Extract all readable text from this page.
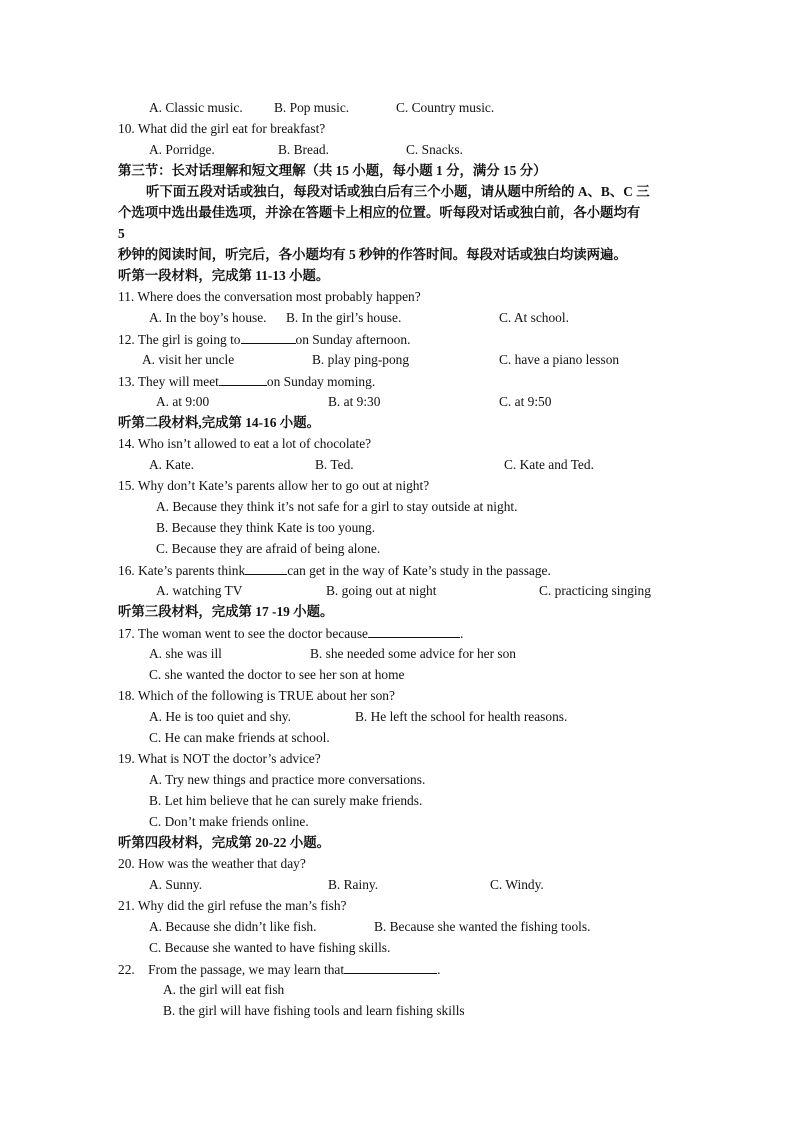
A. Classic music. B. Pop music.	C. Country music.
10. What did the girl eat for breakfast?
A. Porridge.	B. Bread.	C. Snacks.
第三节：长对话理解和短文理解（共 15 小题，每小题 1 分，满分 15 分）
听下面五段对话或独白，每段对话或独白后有三个小题，请从题中所给的 A、B、C 三
个选项中选出最佳选项，并涂在答题卡上相应的位置。听每段对话或独白前，各小题均有
5
秒钟的阅读时间，听完后，各小题均有 5 秒钟的作答时间。每段对话或独白均读两遍。
听第一段材料，完成第 11-13 小题。
11. Where does the conversation most probably happen?
A. In the boy’s house. B. In the girl’s house.	C. At school.
12. The girl is going to	on Sunday afternoon.
A. visit her uncle	B. play ping-pong	C. have a piano lesson
13. They will meet	on Sunday moming.
A. at 9:00	B. at 9:30	C. at 9:50
听第二段材料,完成第 14-16 小题。
14. Who isn’t allowed to eat a lot of chocolate?
A. Kate.	B. Ted.	C. Kate and Ted.
15. Why don’t Kate’s parents allow her to go out at night?
A. Because they think it’s not safe for a girl to stay outside at night.
B. Because they think Kate is too young.
C. Because they are afraid of being alone.
16. Kate’s parents think	can get in the way of Kate’s study in the passage.
A. watching TV	B. going out at night	C. practicing singing
听第三段材料，完成第 17 -19 小题。
17. The woman went to see the doctor because	.
A. she was ill	B. she needed some advice for her son
C. she wanted the doctor to see her son at home
18. Which of the following is TRUE about her son?
A. He is too quiet and shy.	B. He left the school for health reasons.
C. He can make friends at school.
19. What is NOT the doctor’s advice?
A. Try new things and practice more conversations.
B. Let him believe that he can surely make friends.
C. Don’t make friends online.
听第四段材料，完成第 20-22 小题。
20. How was the weather that day?
A. Sunny.	B. Rainy.	C. Windy.
21. Why did the girl refuse the man’s fish?
A. Because she didn’t like fish.	B. Because she wanted the fishing tools.
C. Because she wanted to have fishing skills.
22.    From the passage, we may learn that	.
A. the girl will eat fish
B. the girl will have fishing tools and learn fishing skills
